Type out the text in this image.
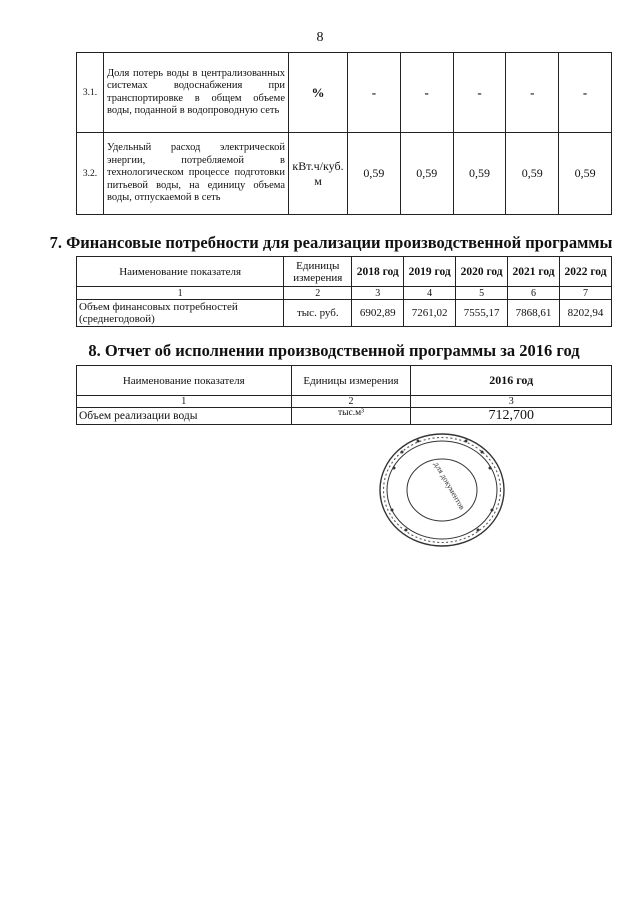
8
3.1.	Доля потерь воды в централизованных системах водоснабжения при транспортировке в общем объеме воды, поданной в водопроводную сеть	%	-	-	-	-	-
3.2.	Удельный расход электрической энергии, потребляемой в технологическом процессе подготовки питьевой воды, на единицу объема воды, отпускаемой в сеть	кВт.ч/куб. м	0,59	0,59	0,59	0,59	0,59
7. Финансовые потребности для реализации производственной программы
Наименование показателя	Единицы измерения	2018 год	2019 год	2020 год	2021 год	2022 год
1	2	3	4	5	6	7
Объем финансовых потребностей (среднегодовой)	тыс. руб.	6902,89	7261,02	7555,17	7868,61	8202,94
8. Отчет об исполнении производственной программы за 2016 год
Наименование показателя	Единицы измерения	2016 год
1	2	3
Объем реализации воды	тыс.м³	712,700
для документов
